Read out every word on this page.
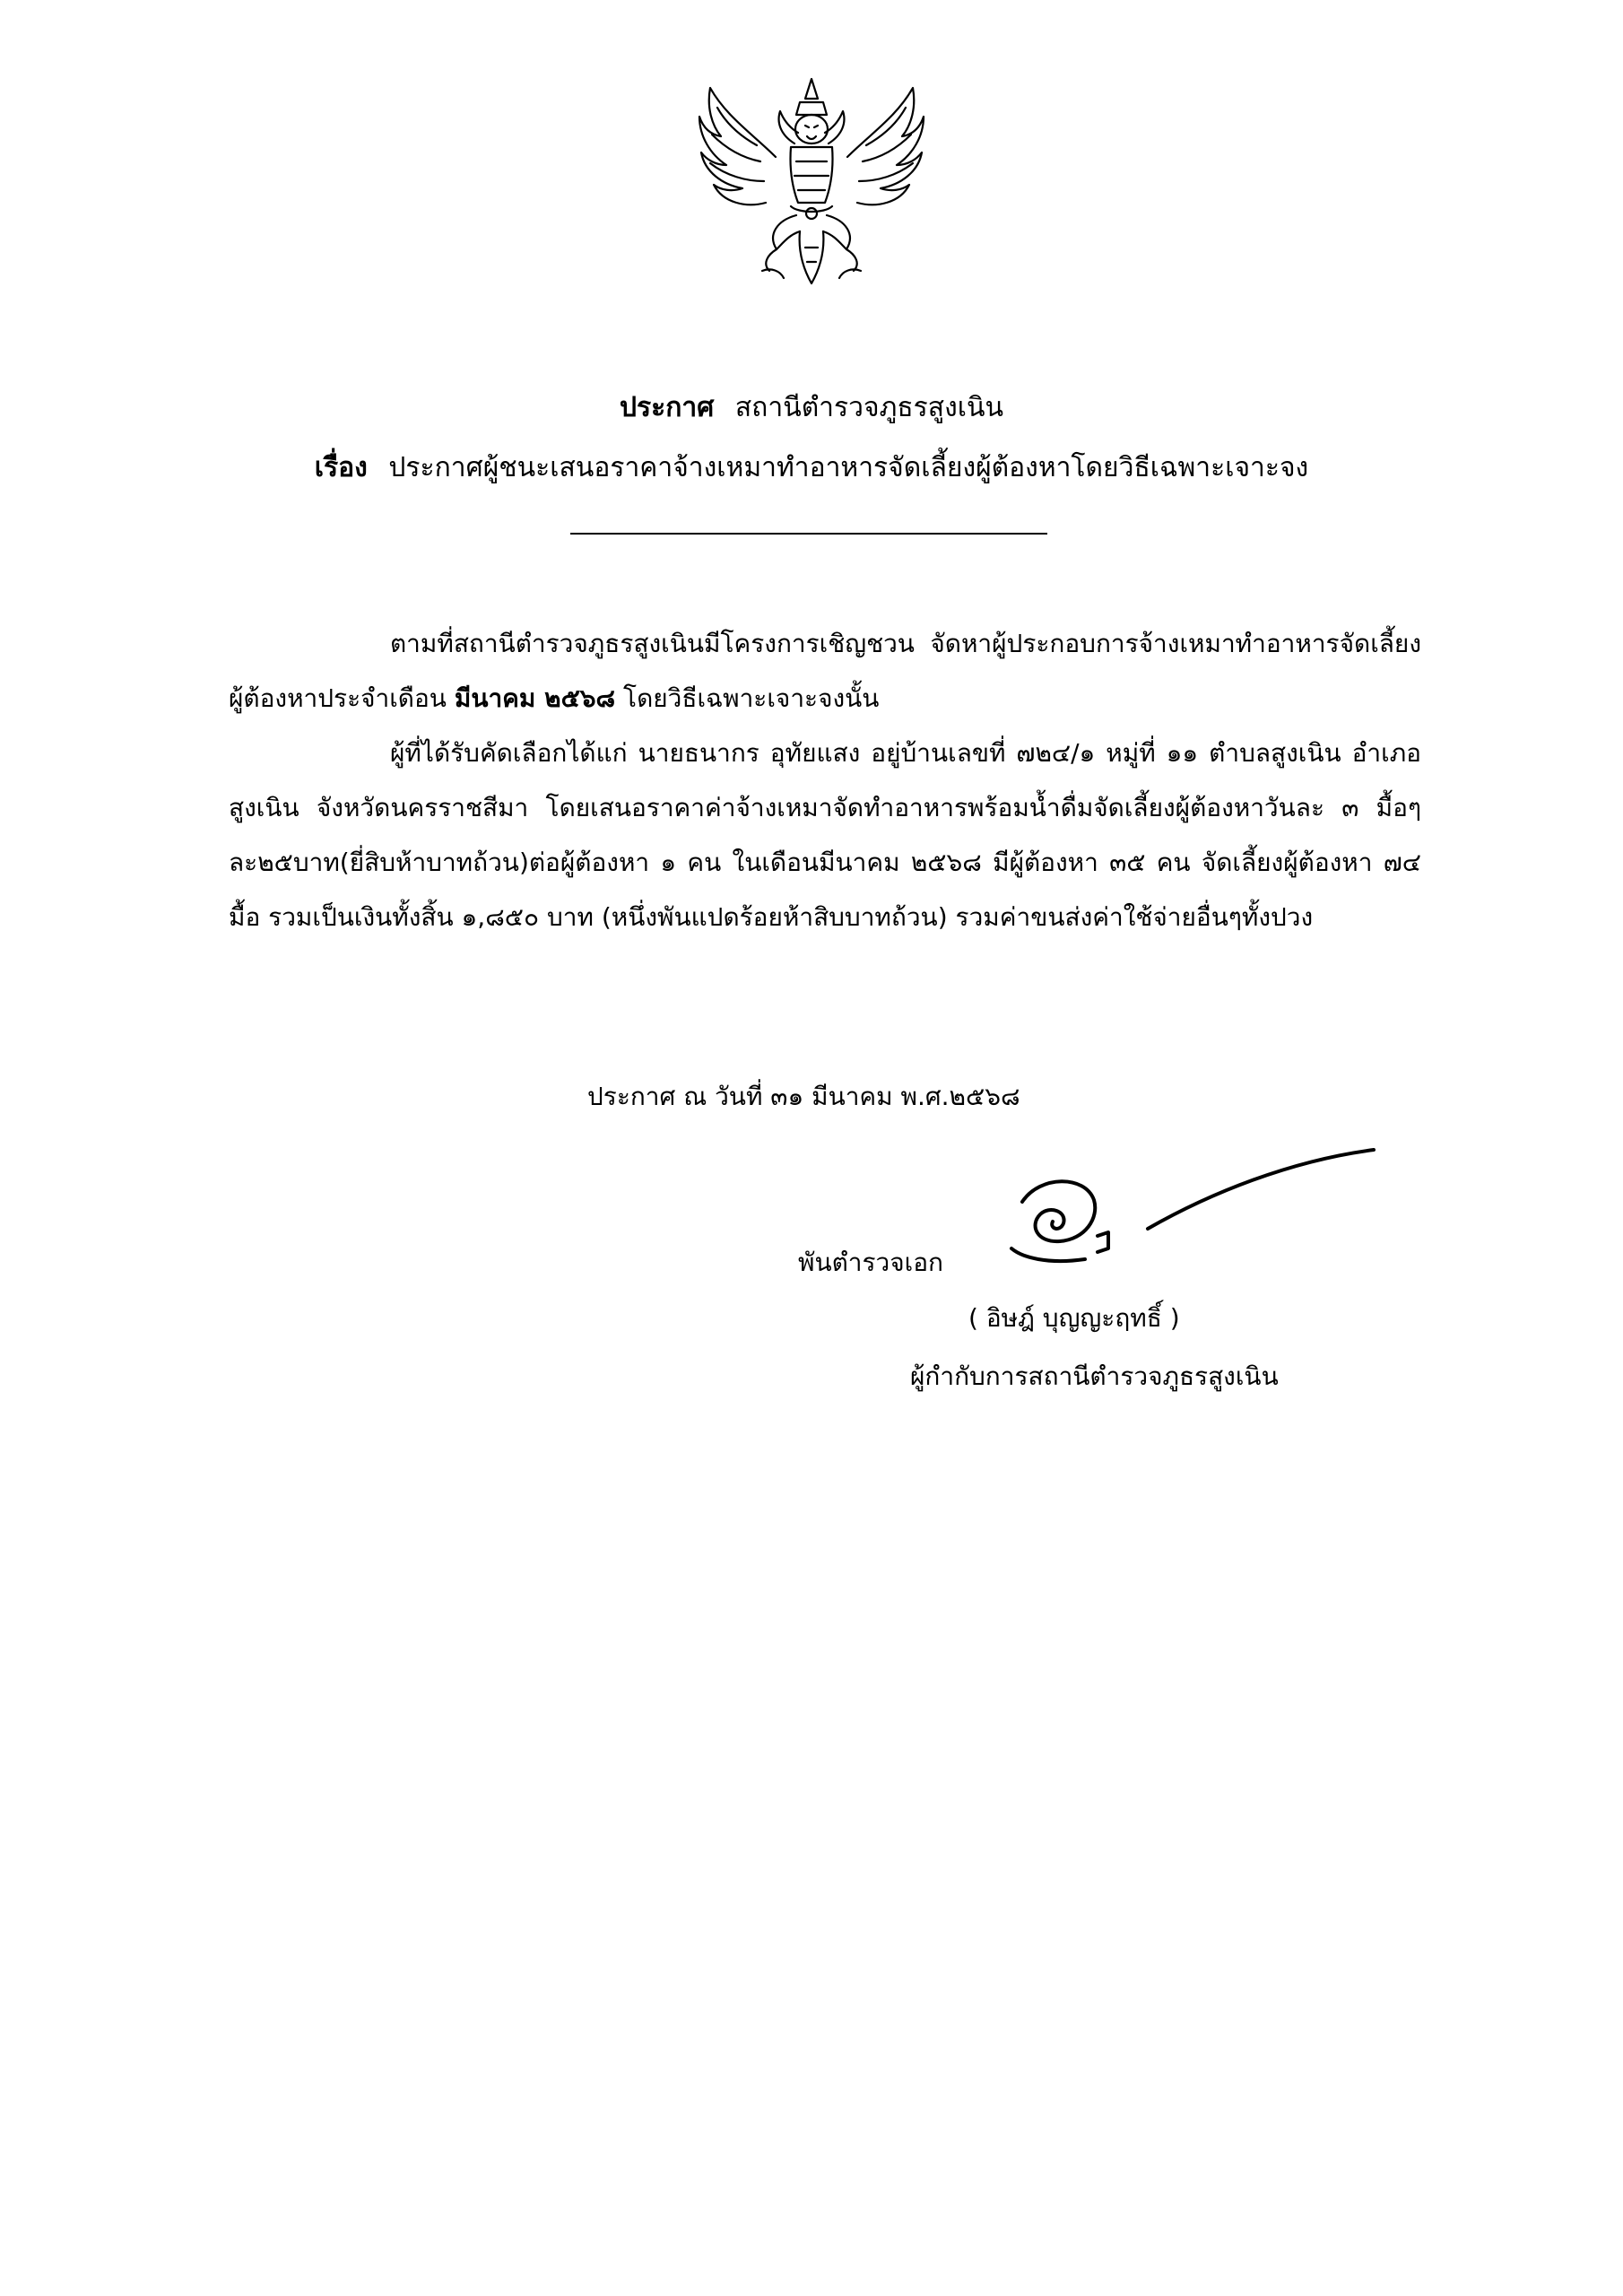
ประกาศ สถานีตำรวจภูธรสูงเนิน
เรื่อง ประกาศผู้ชนะเสนอราคาจ้างเหมาทำอาหารจัดเลี้ยงผู้ต้องหาโดยวิธีเฉพาะเจาะจง

ตามที่สถานีตำรวจภูธรสูงเนินมีโครงการเชิญชวน จัดหาผู้ประกอบการจ้างเหมาทำอาหารจัดเลี้ยงผู้ต้องหาประจำเดือน มีนาคม ๒๕๖๘ โดยวิธีเฉพาะเจาะจงนั้น

ผู้ที่ได้รับคัดเลือกได้แก่ นายธนากร อุทัยแสง อยู่บ้านเลขที่ ๗๒๔/๑ หมู่ที่ ๑๑ ตำบลสูงเนิน อำเภอสูงเนิน จังหวัดนครราชสีมา โดยเสนอราคาค่าจ้างเหมาจัดทำอาหารพร้อมน้ำดื่มจัดเลี้ยงผู้ต้องหาวันละ ๓ มื้อๆละ๒๕บาท(ยี่สิบห้าบาทถ้วน)ต่อผู้ต้องหา ๑ คน ในเดือนมีนาคม ๒๕๖๘ มีผู้ต้องหา ๓๕ คน จัดเลี้ยงผู้ต้องหา ๗๔ มื้อ รวมเป็นเงินทั้งสิ้น ๑,๘๕๐ บาท (หนึ่งพันแปดร้อยห้าสิบบาทถ้วน) รวมค่าขนส่งค่าใช้จ่ายอื่นๆทั้งปวง

ประกาศ ณ วันที่ ๓๑ มีนาคม พ.ศ.๒๕๖๘
พันตำรวจเอก
( อิษฎ์ บุญญะฤทธิ์ )
ผู้กำกับการสถานีตำรวจภูธรสูงเนิน
